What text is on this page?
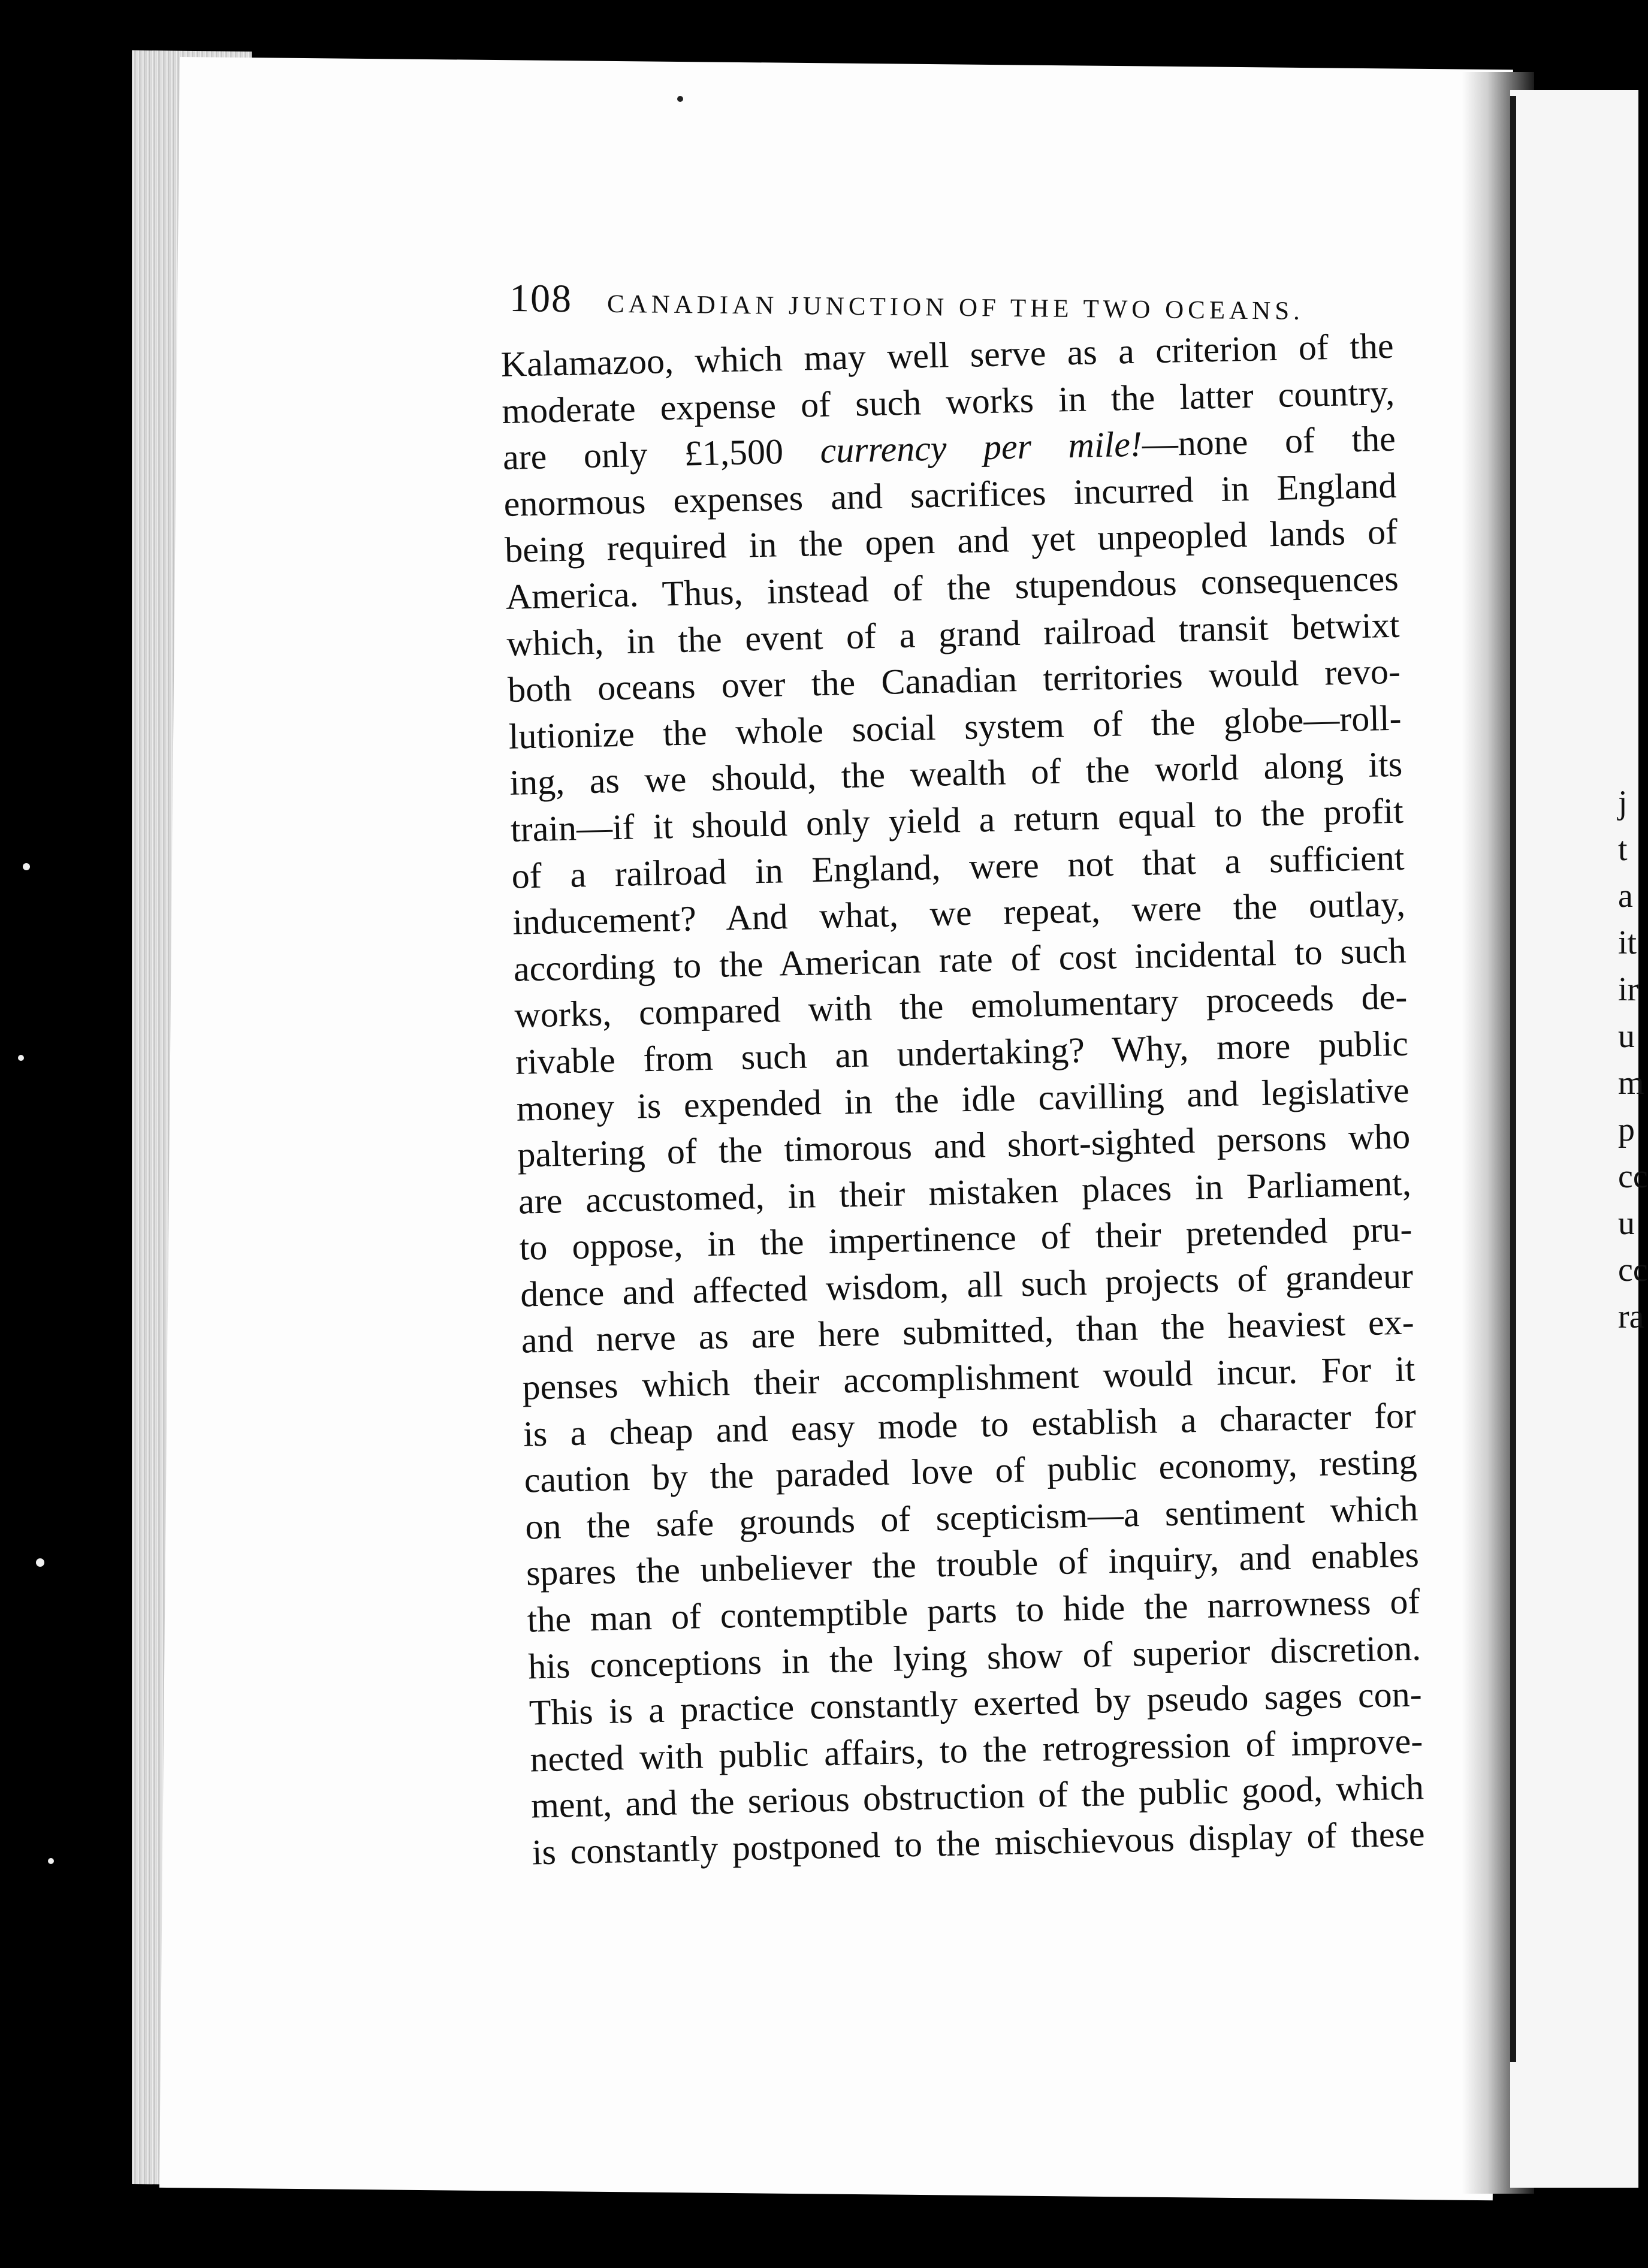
j
t
a
it
ir
u
m
p
cc
u
cc
ra
108 CANADIAN JUNCTION OF THE TWO OCEANS.
Kalamazoo, which may well serve as a criterion of the
moderate expense of such works in the latter country,
are only £1,500 currency per mile!—none of the
enormous expenses and sacrifices incurred in England
being required in the open and yet unpeopled lands of
America. Thus, instead of the stupendous consequences
which, in the event of a grand railroad transit betwixt
both oceans over the Canadian territories would revo-
lutionize the whole social system of the globe—roll-
ing, as we should, the wealth of the world along its
train—if it should only yield a return equal to the profit
of a railroad in England, were not that a sufficient
inducement? And what, we repeat, were the outlay,
according to the American rate of cost incidental to such
works, compared with the emolumentary proceeds de-
rivable from such an undertaking? Why, more public
money is expended in the idle cavilling and legislative
paltering of the timorous and short-sighted persons who
are accustomed, in their mistaken places in Parliament,
to oppose, in the impertinence of their pretended pru-
dence and affected wisdom, all such projects of grandeur
and nerve as are here submitted, than the heaviest ex-
penses which their accomplishment would incur. For it
is a cheap and easy mode to establish a character for
caution by the paraded love of public economy, resting
on the safe grounds of scepticism—a sentiment which
spares the unbeliever the trouble of inquiry, and enables
the man of contemptible parts to hide the narrowness of
his conceptions in the lying show of superior discretion.
This is a practice constantly exerted by pseudo sages con-
nected with public affairs, to the retrogression of improve-
ment, and the serious obstruction of the public good, which
is constantly postponed to the mischievous display of these
